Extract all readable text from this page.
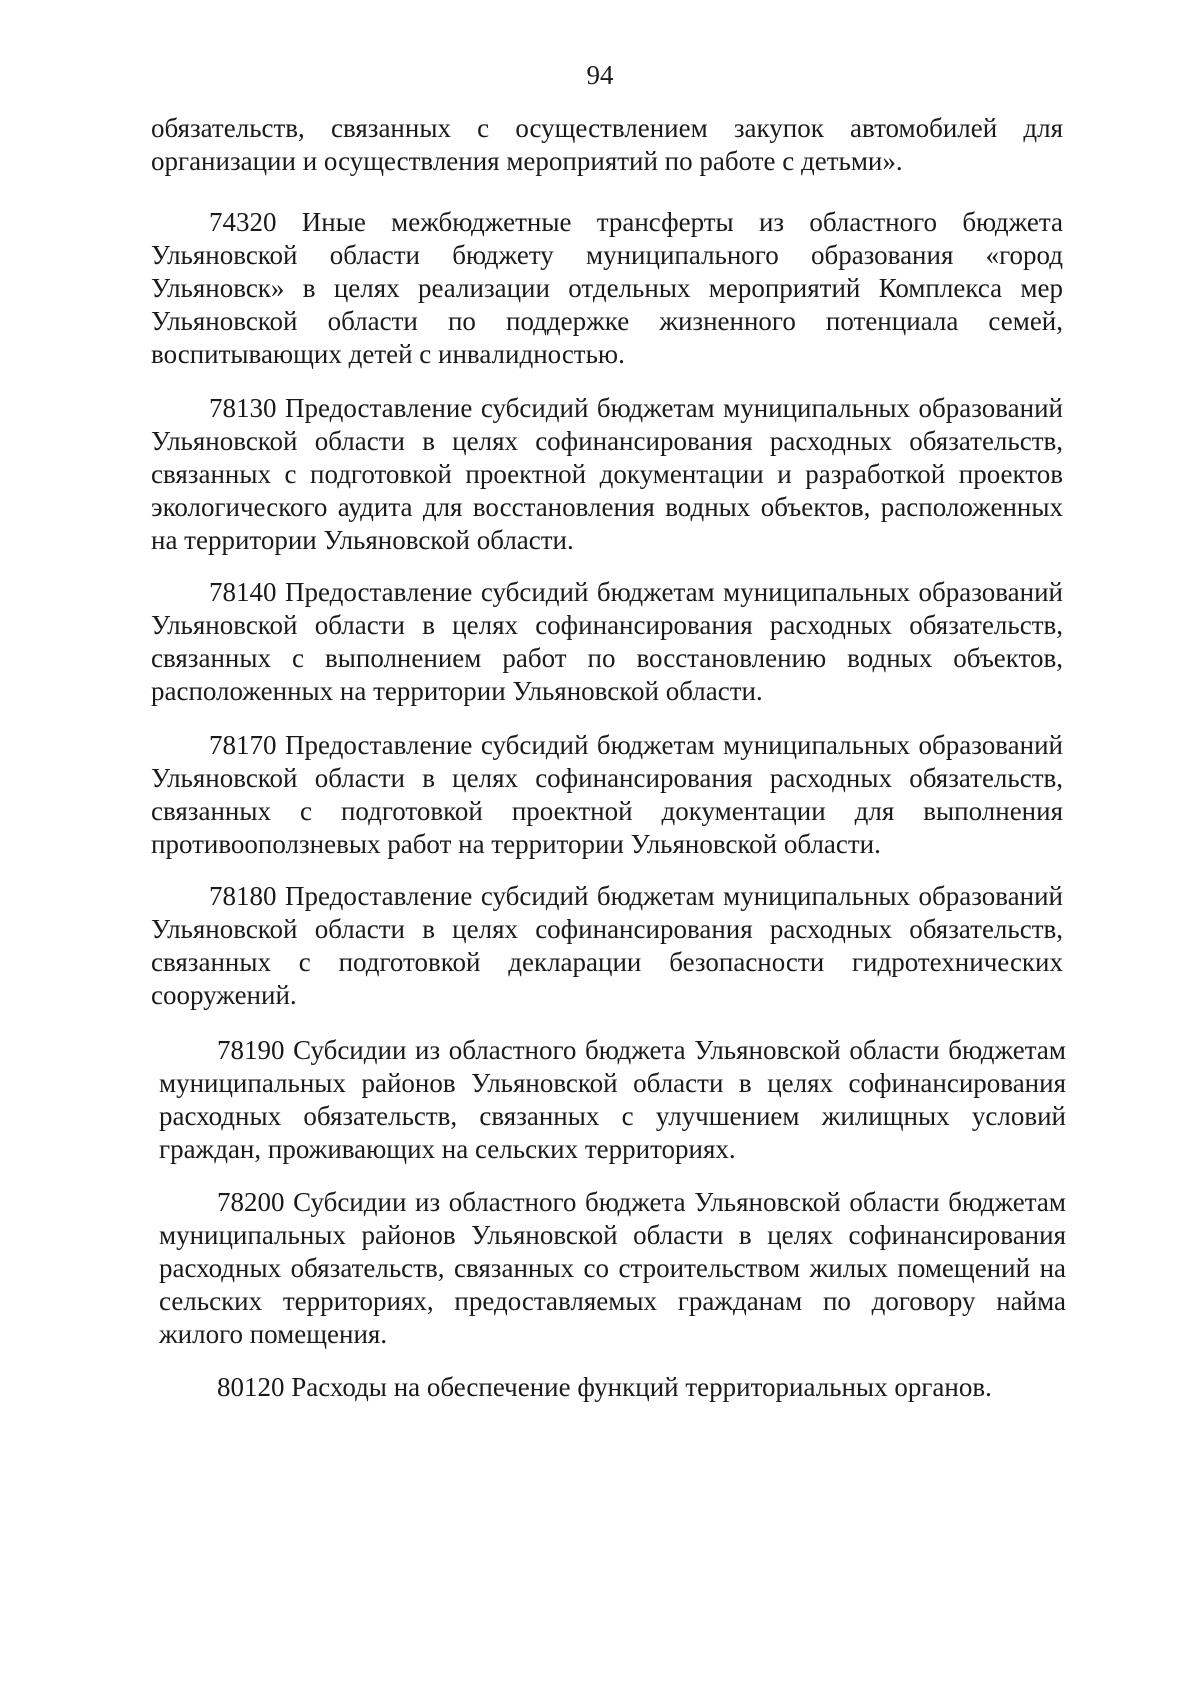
94

обязательств, связанных с осуществлением закупок автомобилей для организации и осуществления мероприятий по работе с детьми».

74320 Иные межбюджетные трансферты из областного бюджета Ульяновской области бюджету муниципального образования «город Ульяновск» в целях реализации отдельных мероприятий Комплекса мер Ульяновской области по поддержке жизненного потенциала семей, воспитывающих детей с инвалидностью.

78130 Предоставление субсидий бюджетам муниципальных образований Ульяновской области в целях софинансирования расходных обязательств, связанных с подготовкой проектной документации и разработкой проектов экологического аудита для восстановления водных объектов, расположенных на территории Ульяновской области.

78140 Предоставление субсидий бюджетам муниципальных образований Ульяновской области в целях софинансирования расходных обязательств, связанных с выполнением работ по восстановлению водных объектов, расположенных на территории Ульяновской области.

78170 Предоставление субсидий бюджетам муниципальных образований Ульяновской области в целях софинансирования расходных обязательств, связанных с подготовкой проектной документации для выполнения противооползневых работ на территории Ульяновской области.

78180 Предоставление субсидий бюджетам муниципальных образований Ульяновской области в целях софинансирования расходных обязательств, связанных с подготовкой декларации безопасности гидротехнических сооружений.

78190 Субсидии из областного бюджета Ульяновской области бюджетам муниципальных районов Ульяновской области в целях софинансирования расходных обязательств, связанных с улучшением жилищных условий граждан, проживающих на сельских территориях.

78200 Субсидии из областного бюджета Ульяновской области бюджетам муниципальных районов Ульяновской области в целях софинансирования расходных обязательств, связанных со строительством жилых помещений на сельских территориях, предоставляемых гражданам по договору найма жилого помещения.

80120 Расходы на обеспечение функций территориальных органов.
